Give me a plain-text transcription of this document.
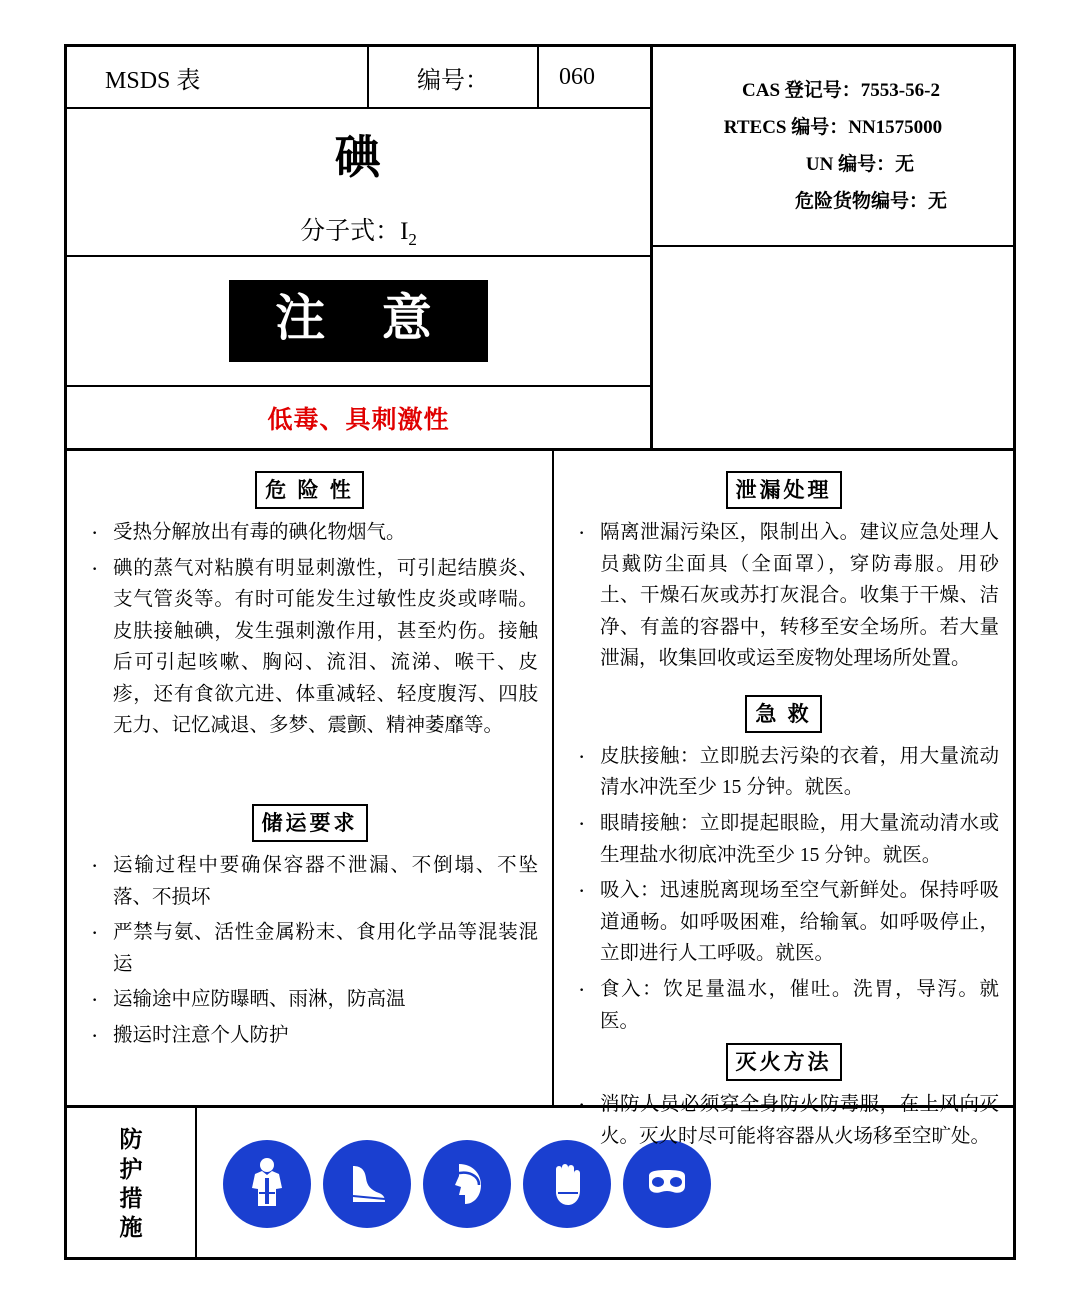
MSDS 表	编号：	060
碘
分子式：$I_2$
注 意
低毒、具刺激性
CAS 登记号：7553-56-2
RTECS 编号：NN1575000
UN 编号：无
危险货物编号：无
危 险 性
· 受热分解放出有毒的碘化物烟气。
· 碘的蒸气对粘膜有明显刺激性，可引起结膜炎、支气管炎等。有时可能发生过敏性皮炎或哮喘。皮肤接触碘，发生强刺激作用，甚至灼伤。接触后可引起咳嗽、胸闷、流泪、流涕、喉干、皮疹，还有食欲亢进、体重减轻、轻度腹泻、四肢无力、记忆减退、多梦、震颤、精神萎靡等。
储运要求
· 运输过程中要确保容器不泄漏、不倒塌、不坠落、不损坏
· 严禁与氨、活性金属粉末、食用化学品等混装混运
· 运输途中应防曝晒、雨淋，防高温
· 搬运时注意个人防护
泄漏处理
· 隔离泄漏污染区，限制出入。建议应急处理人员戴防尘面具（全面罩），穿防毒服。用砂土、干燥石灰或苏打灰混合。收集于干燥、洁净、有盖的容器中，转移至安全场所。若大量泄漏，收集回收或运至废物处理场所处置。
急 救
· 皮肤接触：立即脱去污染的衣着，用大量流动清水冲洗至少 15 分钟。就医。
· 眼睛接触：立即提起眼睑，用大量流动清水或生理盐水彻底冲洗至少 15 分钟。就医。
· 吸入：迅速脱离现场至空气新鲜处。保持呼吸道通畅。如呼吸困难，给输氧。如呼吸停止，立即进行人工呼吸。就医。
· 食入：饮足量温水，催吐。洗胃，导泻。就医。
灭火方法
· 消防人员必须穿全身防火防毒服，在上风向灭火。灭火时尽可能将容器从火场移至空旷处。
防
护
措
施
